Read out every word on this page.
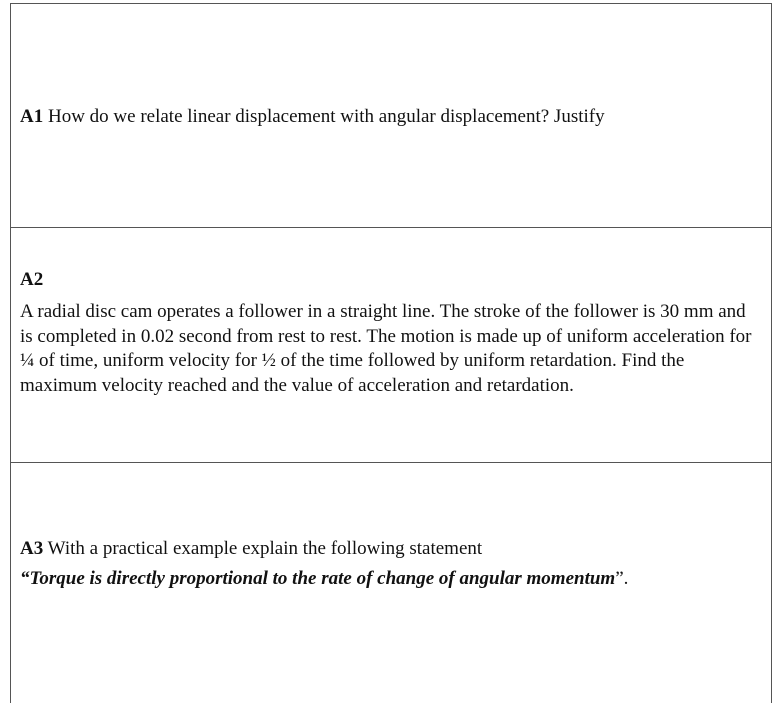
A1 How do we relate linear displacement with angular displacement? Justify
A2
A radial disc cam operates a follower in a straight line. The stroke of the follower is 30 mm and is completed in 0.02 second from rest to rest. The motion is made up of uniform acceleration for ¼ of time, uniform velocity for ½ of the time followed by uniform retardation. Find the maximum velocity reached and the value of acceleration and retardation.
A3 With a practical example explain the following statement
“Torque is directly proportional to the rate of change of angular momentum”.
